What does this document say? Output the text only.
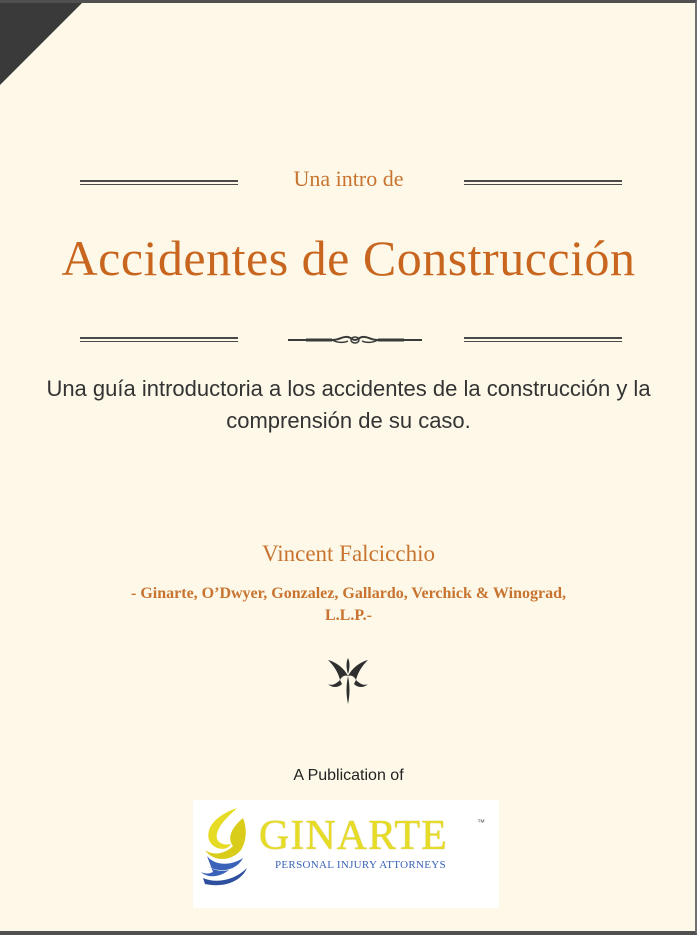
Una intro de
Accidentes de Construcción
Una guía introductoria a los accidentes de la construcción y la comprensión de su caso.
Vincent Falcicchio
- Ginarte, O’Dwyer, Gonzalez, Gallardo, Verchick & Winograd, L.L.P.-
A Publication of
GINARTE	™
PERSONAL INJURY ATTORNEYS
